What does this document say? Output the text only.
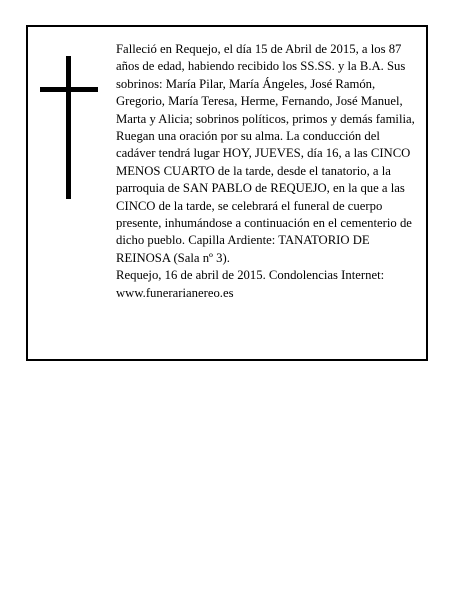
Falleció en Requejo, el día 15 de Abril de 2015, a los 87 años de edad, habiendo recibido los SS.SS. y la B.A. Sus sobrinos: María Pilar, María Ángeles, José Ramón, Gregorio, María Teresa, Herme, Fernando, José Manuel, Marta y Alicia; sobrinos políticos, primos y demás familia,

Ruegan una oración por su alma. La conducción del cadáver tendrá lugar HOY, JUEVES, día 16, a las CINCO MENOS CUARTO de la tarde, desde el tanatorio, a la parroquia de SAN PABLO de REQUEJO, en la que a las CINCO de la tarde, se celebrará el funeral de cuerpo presente, inhumándose a continuación en el cementerio de dicho pueblo. Capilla Ardiente: TANATORIO DE REINOSA (Sala nº 3).

Requejo, 16 de abril de 2015. Condolencias Internet: www.funerarianereo.es
